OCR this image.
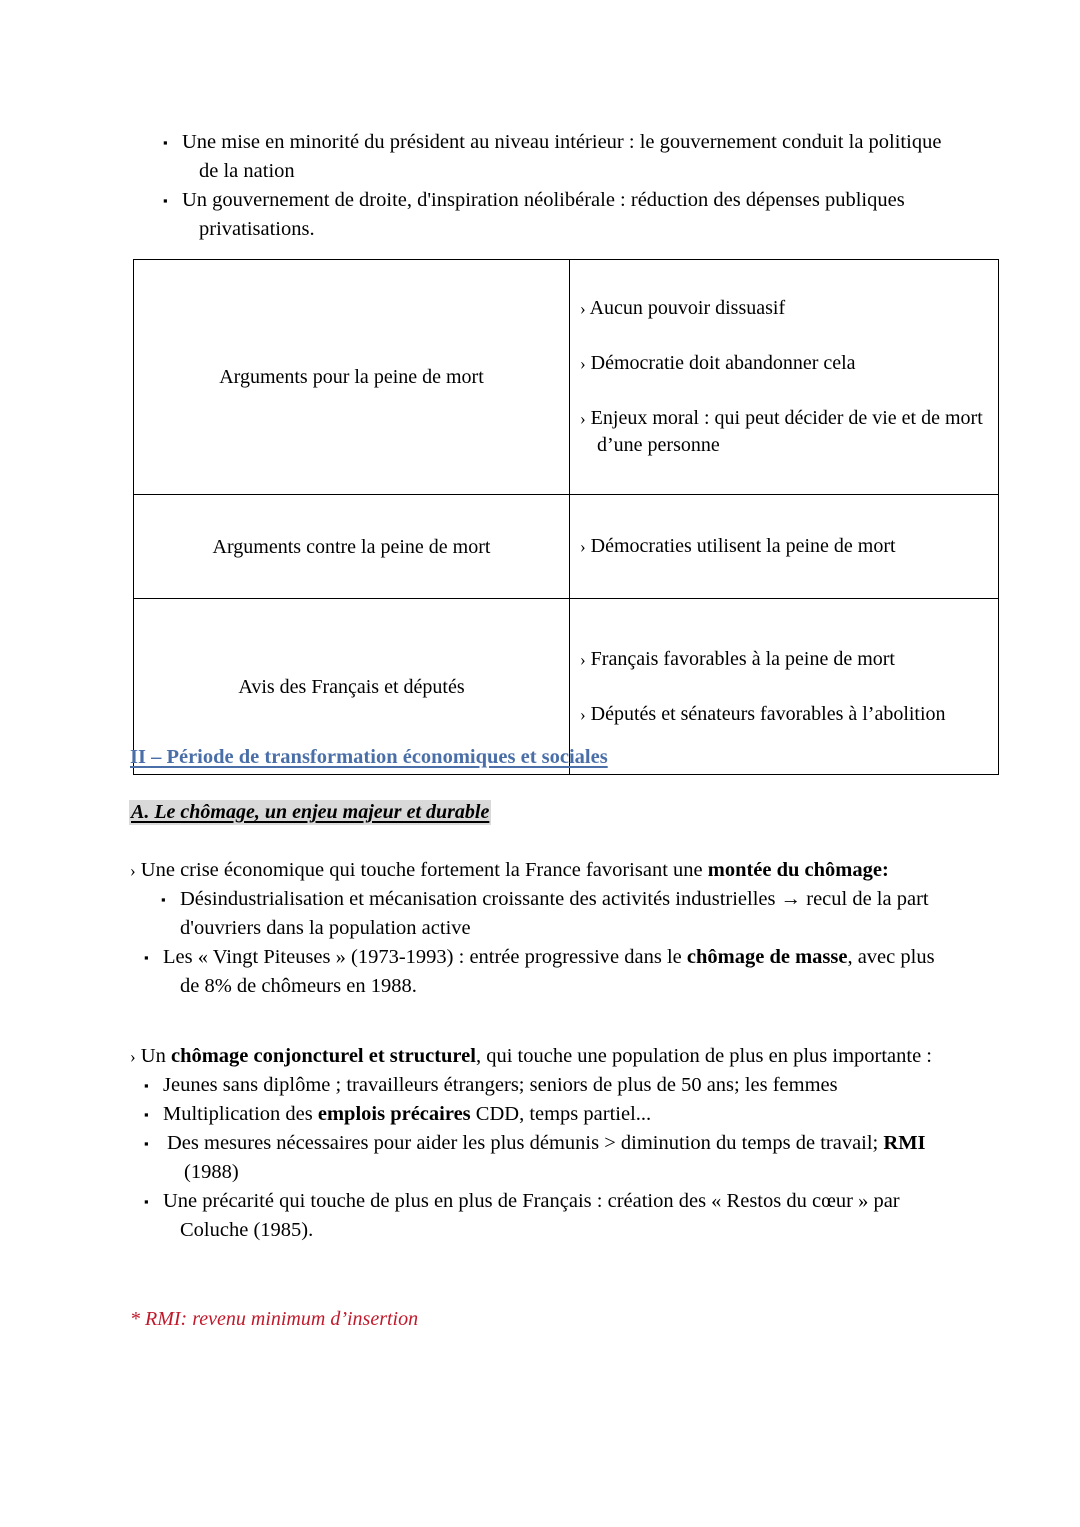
▪ Une mise en minorité du président au niveau intérieur : le gouvernement conduit la politique de la nation
▪ Un gouvernement de droite, d'inspiration néolibérale : réduction des dépenses publiques privatisations.
Arguments pour la peine de mort	› Aucun pouvoir dissuasif

› Démocratie doit abandonner cela

› Enjeux moral : qui peut décider de vie et de mort d’une personne

Arguments contre la peine de mort	› Démocraties utilisent la peine de mort

Avis des Français et députés	› Français favorables à la peine de mort

› Députés et sénateurs favorables à l’abolition

II – Période de transformation économiques et sociales
A. Le chômage, un enjeu majeur et durable

› Une crise économique qui touche fortement la France favorisant une montée du chômage:

▪ Désindustrialisation et mécanisation croissante des activités industrielles → recul de la part d'ouvriers dans la population active
▪ Les « Vingt Piteuses » (1973-1993) : entrée progressive dans le chômage de masse, avec plus de 8% de chômeurs en 1988.

› Un chômage conjoncturel et structurel, qui touche une population de plus en plus importante :

▪ Jeunes sans diplôme ; travailleurs étrangers; seniors de plus de 50 ans; les femmes
▪ Multiplication des emplois précaires CDD, temps partiel...
▪ Des mesures nécessaires pour aider les plus démunis > diminution du temps de travail; RMI (1988)
▪ Une précarité qui touche de plus en plus de Français : création des « Restos du cœur » par Coluche (1985).
* RMI: revenu minimum d’insertion
